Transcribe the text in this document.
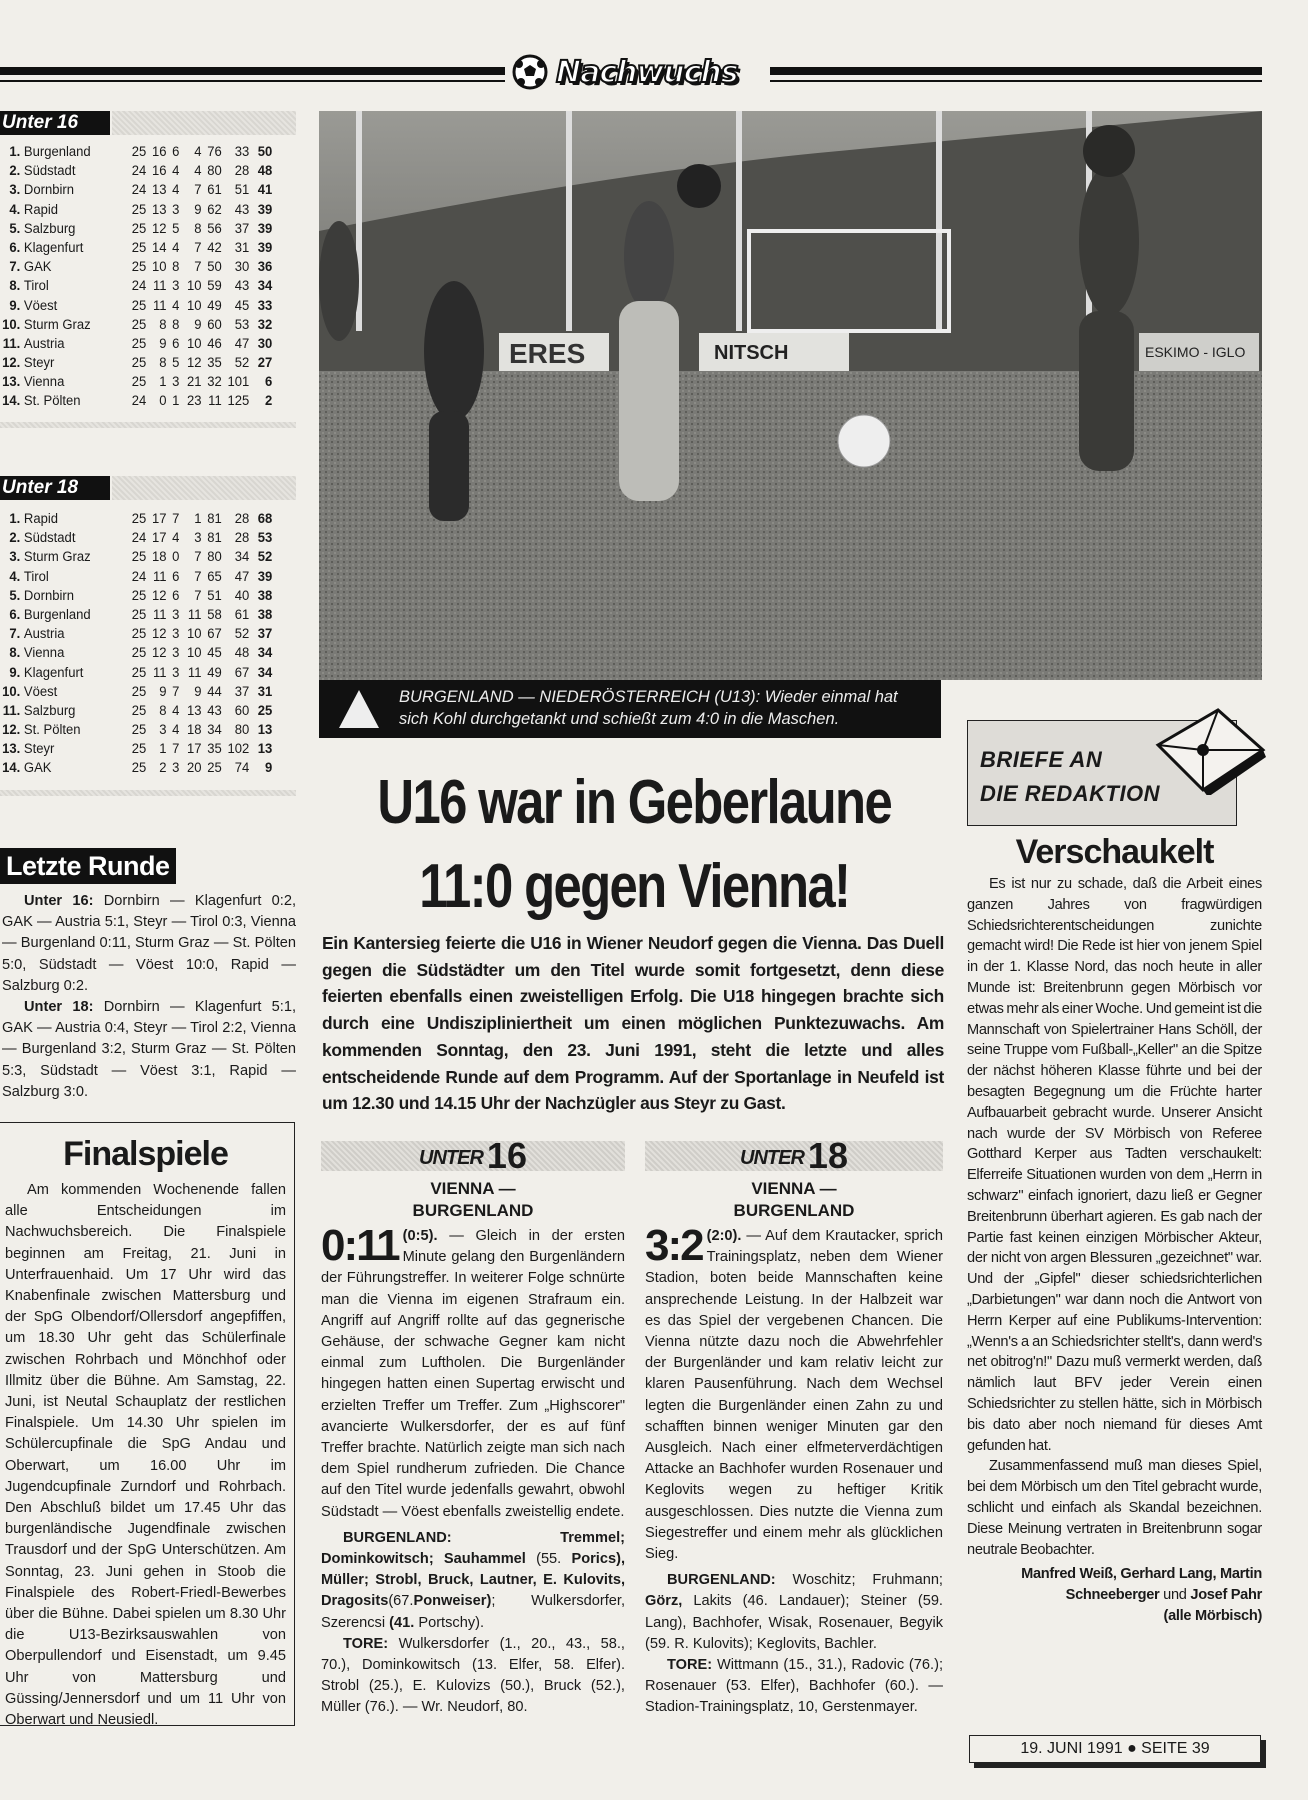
Nachwuchs
Unter 16
1. Burgenland	25 16 6	4 76 33 50
2. Südstadt	24 16 4	4 80 28 48
3. Dornbirn	24 13 4	7 61 51 41
4. Rapid	25 13 3	9 62 43 39
5. Salzburg	25 12 5	8 56 37 39
6. Klagenfurt	25 14 4	7 42 31 39
7. GAK	25 10 8	7 50 30 36
8. Tirol	24 11 3 10 59 43 34
9. Vöest	25 11 4 10 49 45 33
10. Sturm Graz	25 8 8	9 60 53 32
11. Austria	25 9 6 10 46 47 30
12. Steyr	25 8 5 12 35 52 27
13. Vienna	25 1 3 21 32 101	6
14. St. Pölten	24 0 1 23 11 125	2
Unter 18
1. Rapid	25 17 7	1 81 28 68
2. Südstadt	24 17 4	3 81 28 53
3. Sturm Graz	25 18 0	7 80 34 52
4. Tirol	24 11 6	7 65 47 39
5. Dornbirn	25 12 6	7 51 40 38
6. Burgenland	25 11 3 11 58 61 38
7. Austria	25 12 3 10 67 52 37
8. Vienna	25 12 3 10 45 48 34
9. Klagenfurt	25 11 3 11 49 67 34
10. Vöest	25 9 7	9 44 37 31
11. Salzburg	25 8 4 13 43 60 25
12. St. Pölten	25 3 4 18 34 80 13
13. Steyr	25 1 7 17 35 102 13
14. GAK	25 2 3 20 25 74	9
Letzte Runde

Unter 16: Dornbirn — Klagenfurt 0:2, GAK — Austria 5:1, Steyr — Tirol 0:3, Vienna — Burgenland 0:11, Sturm Graz — St. Pölten 5:0, Südstadt — Vöest 10:0, Rapid — Salzburg 0:2.

Unter 18: Dornbirn — Klagenfurt 5:1, GAK — Austria 0:4, Steyr — Tirol 2:2, Vienna — Burgenland 3:2, Sturm Graz — St. Pölten 5:3, Südstadt — Vöest 3:1, Rapid — Salzburg 3:0.

Finalspiele

Am kommenden Wochenende fallen alle Entscheidungen im Nachwuchsbereich. Die Finalspiele beginnen am Freitag, 21. Juni in Unterfrauenhaid. Um 17 Uhr wird das Knabenfinale zwischen Mattersburg und der SpG Olbendorf/Ollersdorf angepfiffen, um 18.30 Uhr geht das Schülerfinale zwischen Rohrbach und Mönchhof oder Illmitz über die Bühne. Am Samstag, 22. Juni, ist Neutal Schauplatz der restlichen Finalspiele. Um 14.30 Uhr spielen im Schülercupfinale die SpG Andau und Oberwart, um 16.00 Uhr im Jugendcupfinale Zurndorf und Rohrbach. Den Abschluß bildet um 17.45 Uhr das burgenländische Jugendfinale zwischen Trausdorf und der SpG Unterschützen. Am Sonntag, 23. Juni gehen in Stoob die Finalspiele des Robert-Friedl-Bewerbes über die Bühne. Dabei spielen um 8.30 Uhr die U13-Bezirksauswahlen von Oberpullendorf und Eisenstadt, um 9.45 Uhr von Mattersburg und Güssing/Jennersdorf und um 11 Uhr von Oberwart und Neusiedl.

ERES	NITSCH	ESKIMO - IGLO
BURGENLAND — NIEDERÖSTERREICH (U13): Wieder einmal hat sich Kohl durchgetankt und schießt zum 4:0 in die Maschen.
U16 war in Geberlaune
11:0 gegen Vienna!
Ein Kantersieg feierte die U16 in Wiener Neudorf gegen die Vienna. Das Duell gegen die Südstädter um den Titel wurde somit fortgesetzt, denn diese feierten ebenfalls einen zweistelligen Erfolg. Die U18 hingegen brachte sich durch eine Undiszipliniertheit um einen möglichen Punktezuwachs. Am kommenden Sonntag, den 23. Juni 1991, steht die letzte und alles entscheidende Runde auf dem Programm. Auf der Sportanlage in Neufeld ist um 12.30 und 14.15 Uhr der Nachzügler aus Steyr zu Gast.
UNTER 16
VIENNA —
BURGENLAND

0:11 (0:5). — Gleich in der ersten Minute gelang den Burgenländern der Führungstreffer. In weiterer Folge schnürte man die Vienna im eigenen Strafraum ein. Angriff auf Angriff rollte auf das gegnerische Gehäuse, der schwache Gegner kam nicht einmal zum Luftholen. Die Burgenländer hingegen hatten einen Supertag erwischt und erzielten Treffer um Treffer. Zum „Highscorer" avancierte Wulkersdorfer, der es auf fünf Treffer brachte. Natürlich zeigte man sich nach dem Spiel rundherum zufrieden. Die Chance auf den Titel wurde jedenfalls gewahrt, obwohl Südstadt — Vöest ebenfalls zweistellig endete.

BURGENLAND: Tremmel; Dominkowitsch; Sauhammel (55. Porics), Müller; Strobl, Bruck, Lautner, E. Kulovits, Dragosits(67.Ponweiser); Wulkersdorfer, Szerencsi (41. Portschy).

TORE: Wulkersdorfer (1., 20., 43., 58., 70.), Dominkowitsch (13. Elfer, 58. Elfer). Strobl (25.), E. Kulovizs (50.), Bruck (52.), Müller (76.). — Wr. Neudorf, 80.

UNTER 18
VIENNA —
BURGENLAND

3:2 (2:0). — Auf dem Krautacker, sprich Trainingsplatz, neben dem Wiener Stadion, boten beide Mannschaften keine ansprechende Leistung. In der Halbzeit war es das Spiel der vergebenen Chancen. Die Vienna nützte dazu noch die Abwehrfehler der Burgenländer und kam relativ leicht zur klaren Pausenführung. Nach dem Wechsel legten die Burgenländer einen Zahn zu und schafften binnen weniger Minuten gar den Ausgleich. Nach einer elfmeterverdächtigen Attacke an Bachhofer wurden Rosenauer und Keglovits wegen zu heftiger Kritik ausgeschlossen. Dies nutzte die Vienna zum Siegestreffer und einem mehr als glücklichen Sieg.

BURGENLAND: Woschitz; Fruhmann; Görz, Lakits (46. Landauer); Steiner (59. Lang), Bachhofer, Wisak, Rosenauer, Begyik (59. R. Kulovits); Keglovits, Bachler.

TORE: Wittmann (15., 31.), Radovic (76.); Rosenauer (53. Elfer), Bachhofer (60.). — Stadion-Trainingsplatz, 10, Gerstenmayer.

BRIEFE AN
DIE REDAKTION
Verschaukelt

Es ist nur zu schade, daß die Arbeit eines ganzen Jahres von fragwürdigen Schiedsrichterentscheidungen zunichte gemacht wird! Die Rede ist hier von jenem Spiel in der 1. Klasse Nord, das noch heute in aller Munde ist: Breitenbrunn gegen Mörbisch vor etwas mehr als einer Woche. Und gemeint ist die Mannschaft von Spielertrainer Hans Schöll, der seine Truppe vom Fußball-„Keller" an die Spitze der nächst höheren Klasse führte und bei der besagten Begegnung um die Früchte harter Aufbauarbeit gebracht wurde. Unserer Ansicht nach wurde der SV Mörbisch von Referee Gotthard Kerper aus Tadten verschaukelt: Elferreife Situationen wurden von dem „Herrn in schwarz" einfach ignoriert, dazu ließ er Gegner Breitenbrunn überhart agieren. Es gab nach der Partie fast keinen einzigen Mörbischer Akteur, der nicht von argen Blessuren „gezeichnet" war. Und der „Gipfel" dieser schiedsrichterlichen „Darbietungen" war dann noch die Antwort von Herrn Kerper auf eine Publikums-Intervention: „Wenn's a an Schiedsrichter stellt's, dann werd's net obitrog'n!" Dazu muß vermerkt werden, daß nämlich laut BFV jeder Verein einen Schiedsrichter zu stellen hätte, sich in Mörbisch bis dato aber noch niemand für dieses Amt gefunden hat.

Zusammenfassend muß man dieses Spiel, bei dem Mörbisch um den Titel gebracht wurde, schlicht und einfach als Skandal bezeichnen. Diese Meinung vertraten in Breitenbrunn sogar neutrale Beobachter.

Manfred Weiß, Gerhard Lang, Martin
Schneeberger und Josef Pahr
(alle Mörbisch)
19. JUNI 1991 ● SEITE 39
